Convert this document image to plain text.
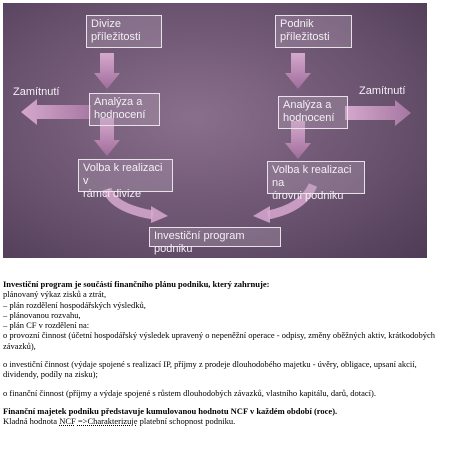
Divize
příležitosti
Podnik
příležitosti
Analýza a
hodnocení
Analýza a
hodnocení
Zamítnutí	Zamítnutí
Volba k realizaci v
rámci divize
Volba k realizaci na
úrovni podniku
Investiční program podniku

Investiční program je součástí finančního plánu podniku, který zahrnuje:

plánovaný výkaz zisků a ztrát,

– plán rozdělení hospodářských výsledků,

– plánovanou rozvahu,

– plán CF v rozdělení na:

o provozní činnost (účetní hospodářský výsledek upravený o nepeněžní operace - odpisy, změny oběžných aktiv, krátkodobých závazků),

o investiční činnost (výdaje spojené s realizací IP, příjmy z prodeje dlouhodobého majetku - úvěry, obligace, upsaní akcií, dividendy, podíly na zisku);

o finanční činnost (příjmy a výdaje spojené s růstem dlouhodobých závazků, vlastního kapitálu, darů, dotací).

Finanční majetek podniku představuje kumulovanou hodnotu NCF v každém období (roce).

Kladná hodnota NCF =>Charakterizuje platební schopnost podniku.
